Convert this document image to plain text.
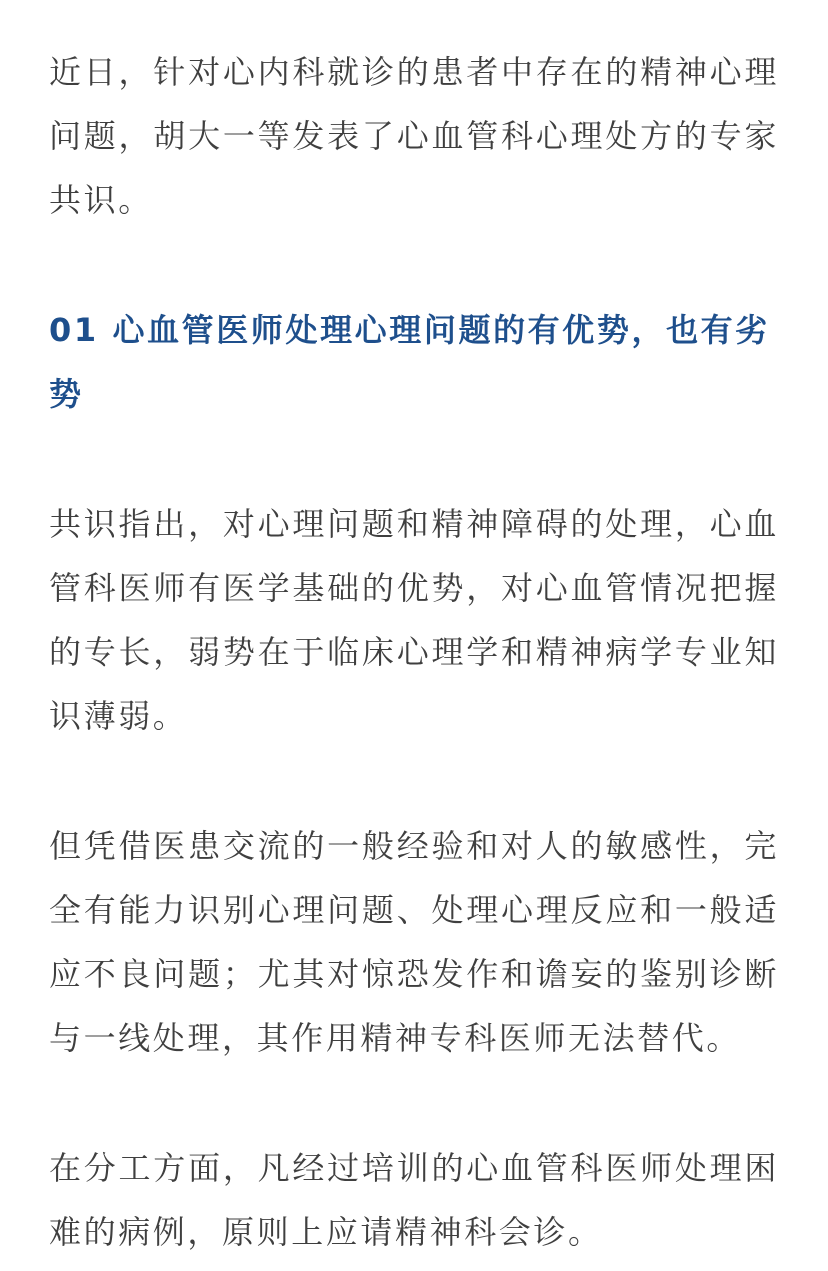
近日，针对心内科就诊的患者中存在的精神心理问题，胡大一等发表了心血管科心理处方的专家共识。

01 心血管医师处理心理问题的有优势，也有劣势

共识指出，对心理问题和精神障碍的处理，心血管科医师有医学基础的优势，对心血管情况把握的专长，弱势在于临床心理学和精神病学专业知识薄弱。

但凭借医患交流的一般经验和对人的敏感性，完全有能力识别心理问题、处理心理反应和一般适应不良问题；尤其对惊恐发作和谵妄的鉴别诊断与一线处理，其作用精神专科医师无法替代。

在分工方面，凡经过培训的心血管科医师处理困难的病例，原则上应请精神科会诊。
